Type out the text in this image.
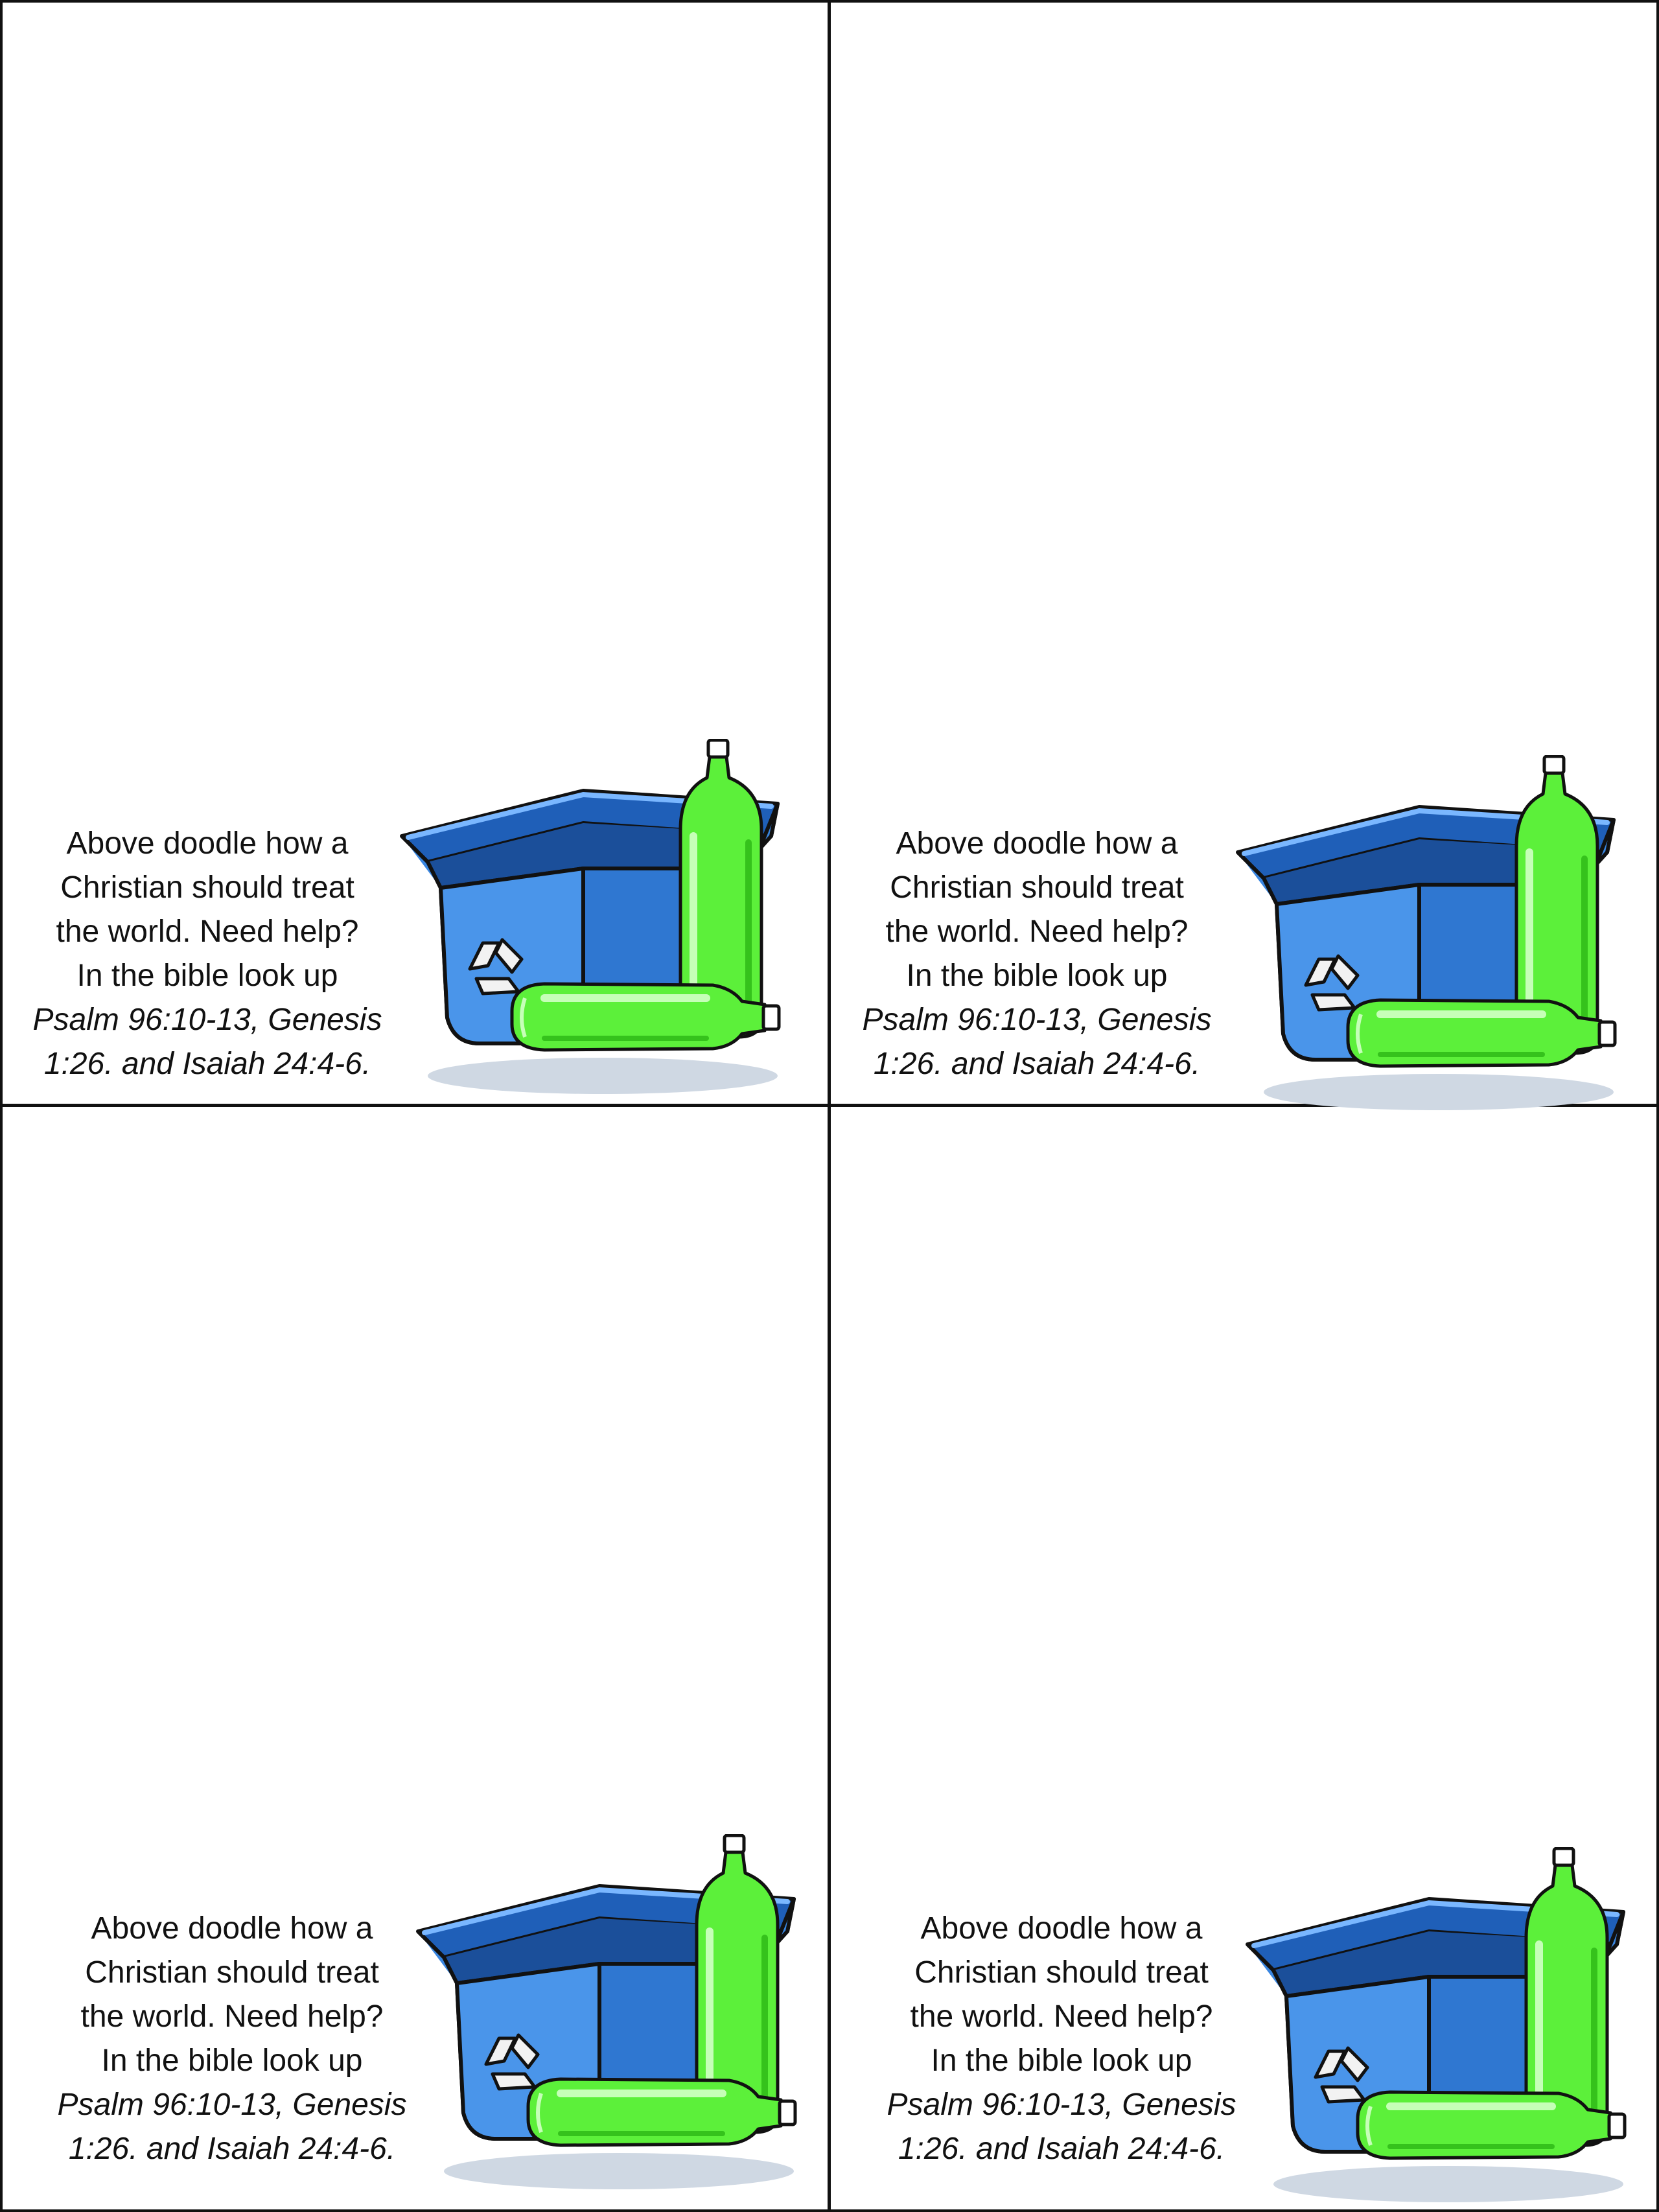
Above doodle how a
Christian should treat
the world. Need help?
In the bible look up
Psalm 96:10-13, Genesis
1:26. and Isaiah 24:4-6.
Above doodle how a
Christian should treat
the world. Need help?
In the bible look up
Psalm 96:10-13, Genesis
1:26. and Isaiah 24:4-6.
Above doodle how a
Christian should treat
the world. Need help?
In the bible look up
Psalm 96:10-13, Genesis
1:26. and Isaiah 24:4-6.
Above doodle how a
Christian should treat
the world. Need help?
In the bible look up
Psalm 96:10-13, Genesis
1:26. and Isaiah 24:4-6.
